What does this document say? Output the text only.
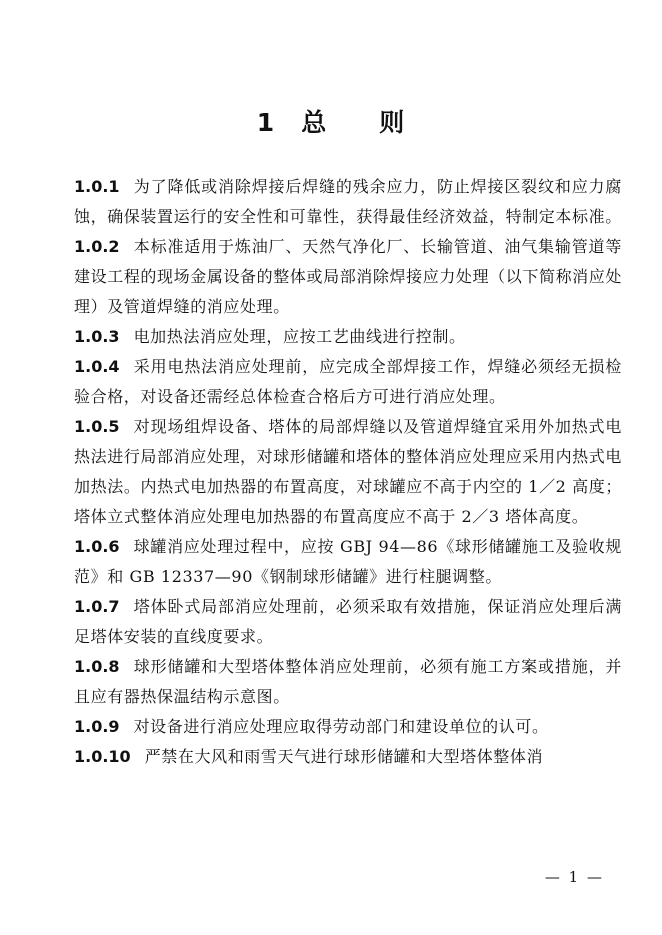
1　总　　则

1.0.1 为了降低或消除焊接后焊缝的残余应力，防止焊接区裂纹和应力腐蚀，确保装置运行的安全性和可靠性，获得最佳经济效益，特制定本标准。

1.0.2 本标准适用于炼油厂、天然气净化厂、长输管道、油气集输管道等建设工程的现场金属设备的整体或局部消除焊接应力处理（以下简称消应处理）及管道焊缝的消应处理。

1.0.3 电加热法消应处理，应按工艺曲线进行控制。

1.0.4 采用电热法消应处理前，应完成全部焊接工作，焊缝必须经无损检验合格，对设备还需经总体检查合格后方可进行消应处理。

1.0.5 对现场组焊设备、塔体的局部焊缝以及管道焊缝宜采用外加热式电热法进行局部消应处理，对球形储罐和塔体的整体消应处理应采用内热式电加热法。内热式电加热器的布置高度，对球罐应不高于内空的 1／2 高度；塔体立式整体消应处理电加热器的布置高度应不高于 2／3 塔体高度。

1.0.6 球罐消应处理过程中，应按 GBJ 94—86《球形储罐施工及验收规范》和 GB 12337—90《钢制球形储罐》进行柱腿调整。

1.0.7 塔体卧式局部消应处理前，必须采取有效措施，保证消应处理后满足塔体安装的直线度要求。

1.0.8 球形储罐和大型塔体整体消应处理前，必须有施工方案或措施，并且应有器热保温结构示意图。

1.0.9 对设备进行消应处理应取得劳动部门和建设单位的认可。

1.0.10 严禁在大风和雨雪天气进行球形储罐和大型塔体整体消

— 1 —
